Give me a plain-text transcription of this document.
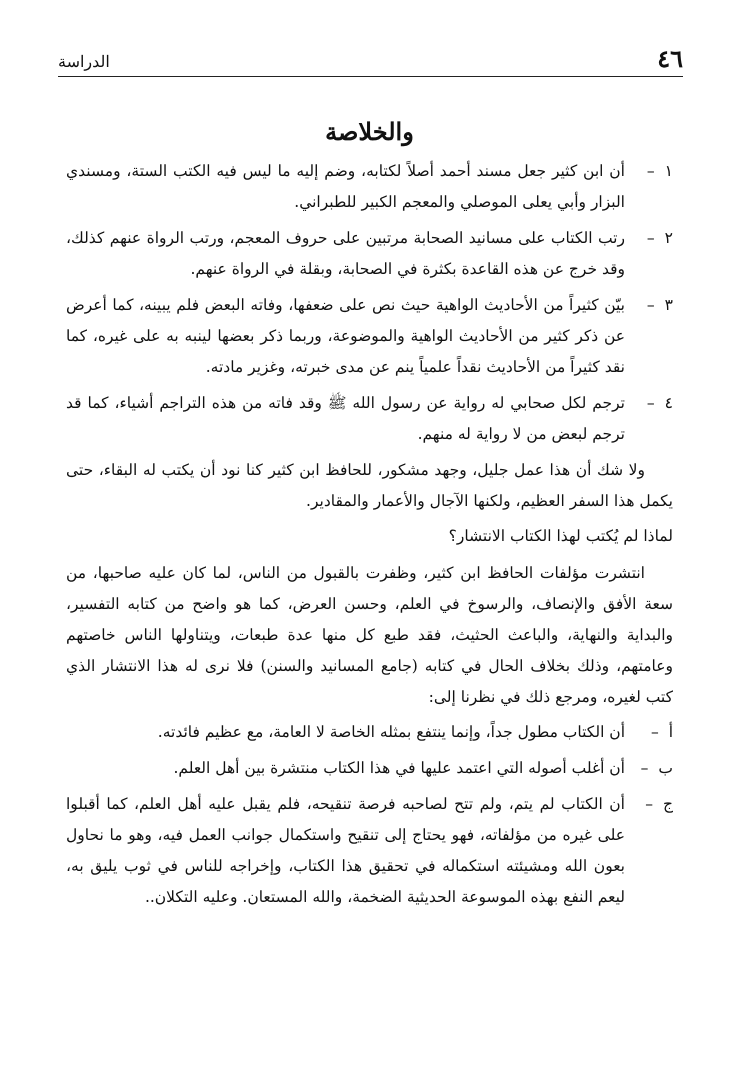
٤٦
الدراسة
والخلاصة
١
–
أن ابن كثير جعل مسند أحمد أصلاً لكتابه، وضم إليه ما ليس فيه الكتب الستة، ومسندي البزار وأبي يعلى الموصلي والمعجم الكبير للطبراني.
٢
–
رتب الكتاب على مسانيد الصحابة مرتبين على حروف المعجم، ورتب الرواة عنهم كذلك، وقد خرج عن هذه القاعدة بكثرة في الصحابة، وبقلة في الرواة عنهم.
٣
–
بيّن كثيراً من الأحاديث الواهية حيث نص على ضعفها، وفاته البعض فلم يبينه، كما أعرض عن ذكر كثير من الأحاديث الواهية والموضوعة، وربما ذكر بعضها لينبه به على غيره، كما نقد كثيراً من الأحاديث نقداً علمياً ينم عن مدى خبرته، وغزير مادته.
٤
–
ترجم لكل صحابي له رواية عن رسول الله ﷺ وقد فاته من هذه التراجم أشياء، كما قد ترجم لبعض من لا رواية له منهم.

ولا شك أن هذا عمل جليل، وجهد مشكور، للحافظ ابن كثير كنا نود أن يكتب له البقاء، حتى يكمل هذا السفر العظيم، ولكنها الآجال والأعمار والمقادير.

لماذا لم يُكتب لهذا الكتاب الانتشار؟

انتشرت مؤلفات الحافظ ابن كثير، وظفرت بالقبول من الناس، لما كان عليه صاحبها، من سعة الأفق والإنصاف، والرسوخ في العلم، وحسن العرض، كما هو واضح من كتابه التفسير، والبداية والنهاية، والباعث الحثيث، فقد طبع كل منها عدة طبعات، ويتناولها الناس خاصتهم وعامتهم، وذلك بخلاف الحال في كتابه (جامع المسانيد والسنن) فلا نرى له هذا الانتشار الذي كتب لغيره، ومرجع ذلك في نظرنا إلى:

أ
–
أن الكتاب مطول جداً، وإنما ينتفع بمثله الخاصة لا العامة، مع عظيم فائدته.
ب
–
أن أغلب أصوله التي اعتمد عليها في هذا الكتاب منتشرة بين أهل العلم.
ج
–
أن الكتاب لم يتم، ولم تتح لصاحبه فرصة تنقيحه، فلم يقبل عليه أهل العلم، كما أقبلوا على غيره من مؤلفاته، فهو يحتاج إلى تنقيح واستكمال جوانب العمل فيه، وهو ما نحاول بعون الله ومشيئته استكماله في تحقيق هذا الكتاب، وإخراجه للناس في ثوب يليق به، ليعم النفع بهذه الموسوعة الحديثية الضخمة، والله المستعان. وعليه التكلان..
